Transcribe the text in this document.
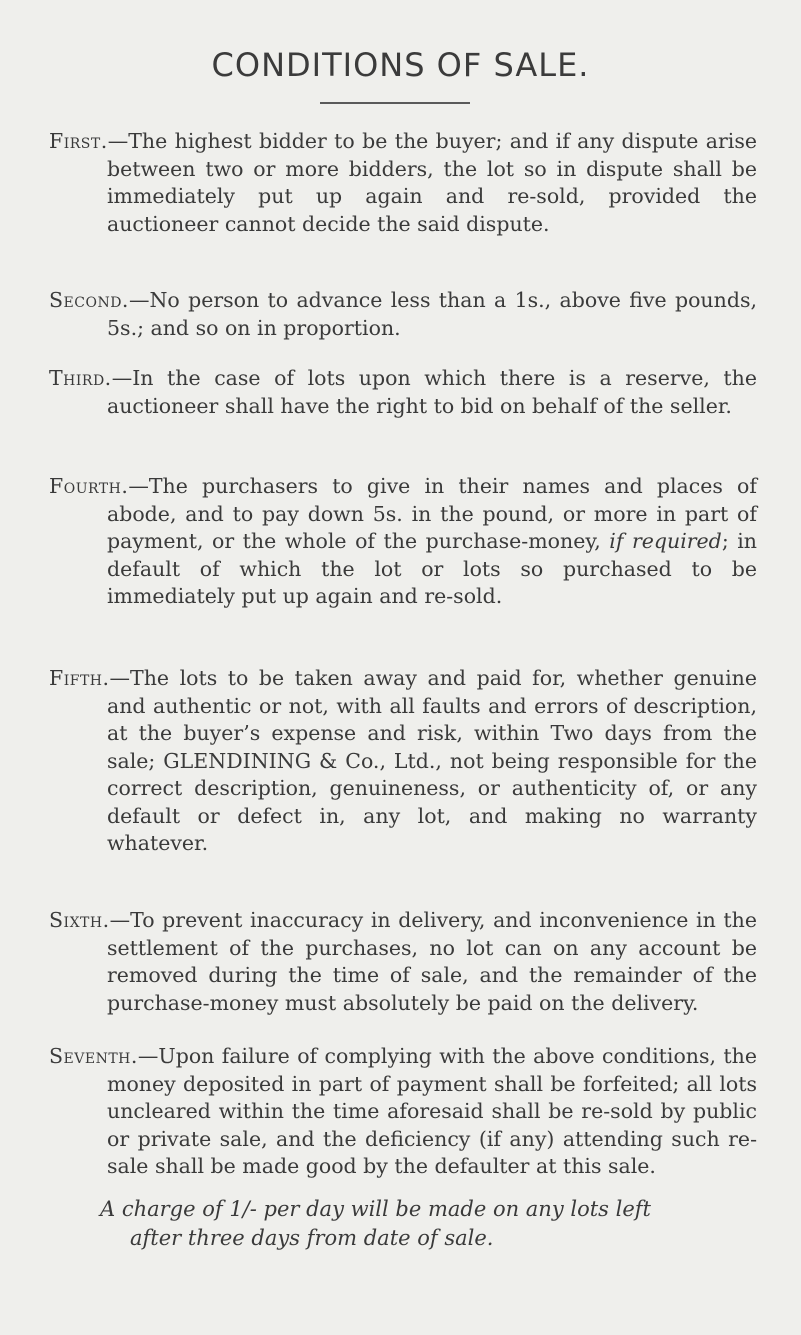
CONDITIONS OF SALE.

First.—The highest bidder to be the buyer; and if any dispute arise between two or more bidders, the lot so in dispute shall be immediately put up again and re-sold, provided the auctioneer cannot decide the said dispute.

Second.—No person to advance less than a 1s., above five pounds, 5s.; and so on in proportion.

Third.—In the case of lots upon which there is a reserve, the auctioneer shall have the right to bid on behalf of the seller.

Fourth.—The purchasers to give in their names and places of abode, and to pay down 5s. in the pound, or more in part of payment, or the whole of the purchase-money, if required; in default of which the lot or lots so purchased to be immediately put up again and re-sold.

Fifth.—The lots to be taken away and paid for, whether genuine and authentic or not, with all faults and errors of description, at the buyer’s expense and risk, within Two days from the sale; GLENDINING & Co., Ltd., not being responsible for the correct description, genuineness, or authenticity of, or any default or defect in, any lot, and making no warranty whatever.

Sixth.—To prevent inaccuracy in delivery, and inconvenience in the settlement of the purchases, no lot can on any account be removed during the time of sale, and the remainder of the purchase-money must absolutely be paid on the delivery.

Seventh.—Upon failure of complying with the above conditions, the money deposited in part of payment shall be forfeited; all lots uncleared within the time aforesaid shall be re-sold by public or private sale, and the deficiency (if any) attending such re-sale shall be made good by the defaulter at this sale.

A charge of 1/- per day will be made on any lots left
after three days from date of sale.
